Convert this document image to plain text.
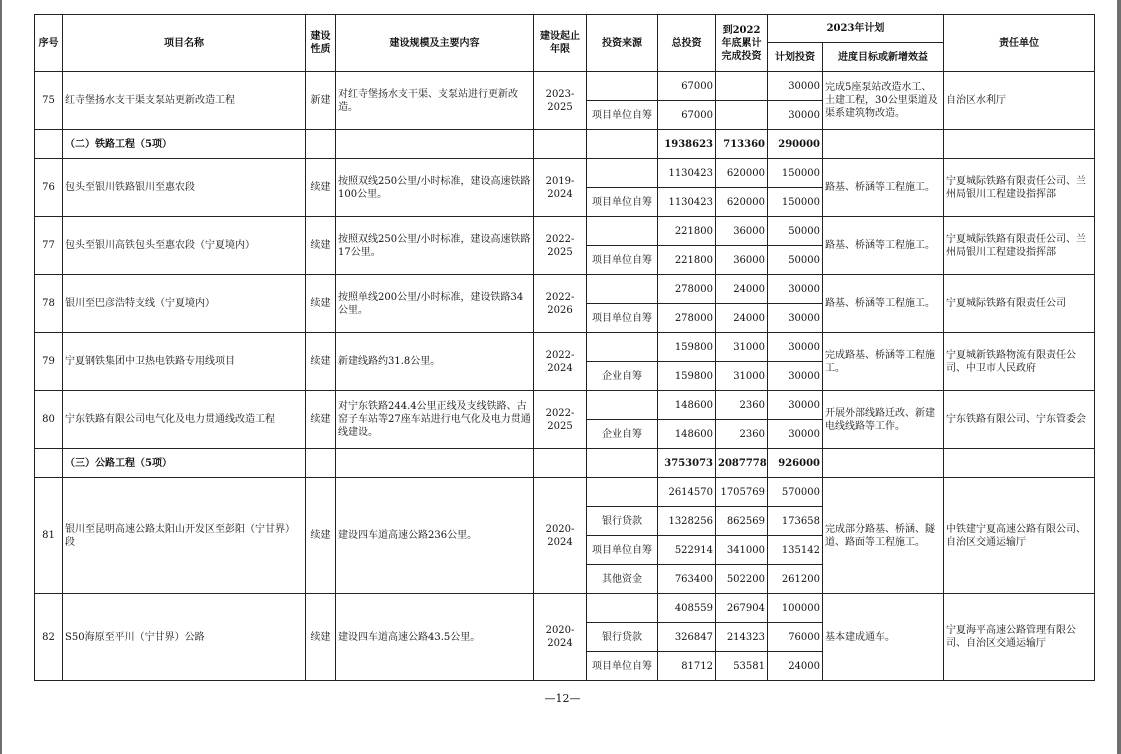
序号	项目名称	建设性质	建设规模及主要内容	建设起止年限	投资来源	总投资	到2022年底累计完成投资	2023年计划		责任单位
								计划投资	进度目标或新增效益	
75	红寺堡扬水支干渠支泵站更新改造工程	新建	对红寺堡扬水支干渠、支泵站进行更新改造。	2023-2025		67000		30000	完成5座泵站改造水工、土建工程，30公里渠道及渠系建筑物改造。	自治区水利厅
					项目单位自筹	67000		30000		
	（二）铁路工程（5项）					1938623	713360	290000		
76	包头至银川铁路银川至惠农段	续建	按照双线250公里/小时标准，建设高速铁路100公里。	2019-2024		1130423	620000	150000	路基、桥涵等工程施工。	宁夏城际铁路有限责任公司、兰州局银川工程建设指挥部
					项目单位自筹	1130423	620000	150000		
77	包头至银川高铁包头至惠农段（宁夏境内）	续建	按照双线250公里/小时标准，建设高速铁路17公里。	2022-2025		221800	36000	50000	路基、桥涵等工程施工。	宁夏城际铁路有限责任公司、兰州局银川工程建设指挥部
					项目单位自筹	221800	36000	50000		
78	银川至巴彦浩特支线（宁夏境内）	续建	按照单线200公里/小时标准，建设铁路34公里。	2022-2026		278000	24000	30000	路基、桥涵等工程施工。	宁夏城际铁路有限责任公司
					项目单位自筹	278000	24000	30000		
79	宁夏钢铁集团中卫热电铁路专用线项目	续建	新建线路约31.8公里。	2022-2024		159800	31000	30000	完成路基、桥涵等工程施工。	宁夏城新铁路物流有限责任公司、中卫市人民政府
					企业自筹	159800	31000	30000		
80	宁东铁路有限公司电气化及电力贯通线改造工程	续建	对宁东铁路244.4公里正线及支线铁路、古窑子车站等27座车站进行电气化及电力贯通线建设。	2022-2025		148600	2360	30000	开展外部线路迁改、新建电线线路等工作。	宁东铁路有限公司、宁东管委会
					企业自筹	148600	2360	30000		
	（三）公路工程（5项）					3753073	2087778	926000		
81	银川至昆明高速公路太阳山开发区至彭阳（宁甘界）段	续建	建设四车道高速公路236公里。	2020-2024		2614570	1705769	570000	完成部分路基、桥涵、隧道、路面等工程施工。	中铁建宁夏高速公路有限公司、自治区交通运输厅
					银行贷款	1328256	862569	173658		
					项目单位自筹	522914	341000	135142		
					其他资金	763400	502200	261200		
82	S50海原至平川（宁甘界）公路	续建	建设四车道高速公路43.5公里。	2020-2024		408559	267904	100000	基本建成通车。	宁夏海平高速公路管理有限公司、自治区交通运输厅
					银行贷款	326847	214323	76000		
					项目单位自筹	81712	53581	24000		
—12—
